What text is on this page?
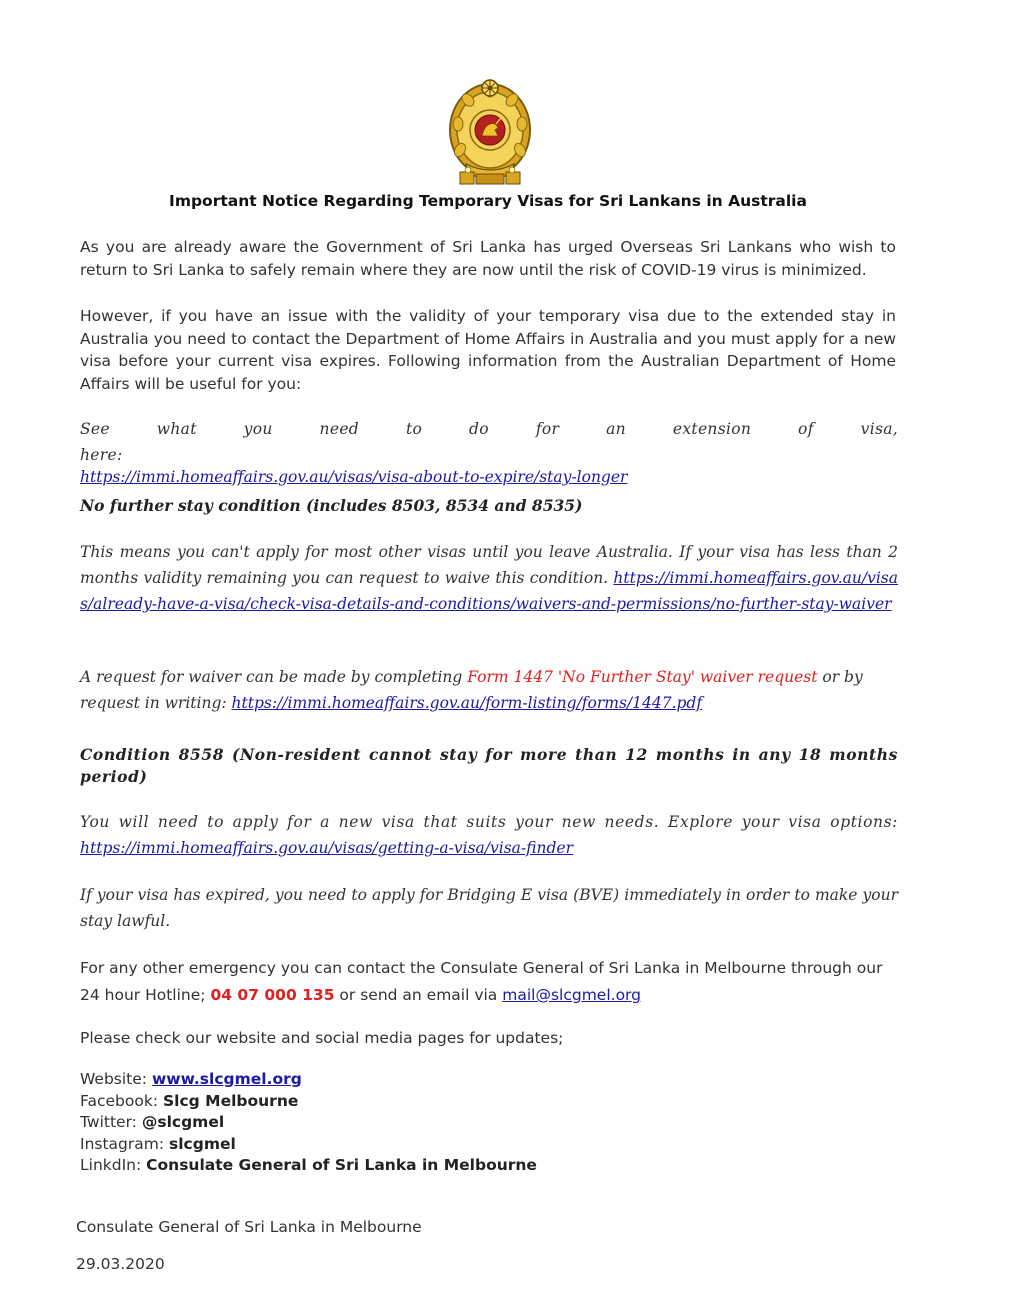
Important Notice Regarding Temporary Visas for Sri Lankans in Australia
As you are already aware the Government of Sri Lanka has urged Overseas Sri Lankans who wish to return to Sri Lanka to safely remain where they are now until the risk of COVID-19 virus is minimized.
However, if you have an issue with the validity of your temporary visa due to the extended stay in Australia you need to contact the Department of Home Affairs in Australia and you must apply for a new visa before your current visa expires. Following information from the Australian Department of Home Affairs will be useful for you:
See what you need to do for an extension of visa, here:
https://immi.homeaffairs.gov.au/visas/visa-about-to-expire/stay-longer
No further stay condition (includes 8503, 8534 and 8535)
This means you can't apply for most other visas until you leave Australia. If your visa has less than 2 months validity remaining you can request to waive this condition. https://immi.homeaffairs.gov.au/visas/already-have-a-visa/check-visa-details-and-conditions/waivers-and-permissions/no-further-stay-waiver
A request for waiver can be made by completing Form 1447 'No Further Stay' waiver request or by request in writing: https://immi.homeaffairs.gov.au/form-listing/forms/1447.pdf
Condition 8558 (Non-resident cannot stay for more than 12 months in any 18 months period)
You will need to apply for a new visa that suits your new needs. Explore your visa options:
https://immi.homeaffairs.gov.au/visas/getting-a-visa/visa-finder
If your visa has expired, you need to apply for Bridging E visa (BVE) immediately in order to make your stay lawful.
For any other emergency you can contact the Consulate General of Sri Lanka in Melbourne through our 24 hour Hotline; 04 07 000 135 or send an email via mail@slcgmel.org
Please check our website and social media pages for updates;
Website: www.slcgmel.org
Facebook: Slcg Melbourne
Twitter: @slcgmel
Instagram: slcgmel
LinkdIn: Consulate General of Sri Lanka in Melbourne
Consulate General of Sri Lanka in Melbourne
29.03.2020
